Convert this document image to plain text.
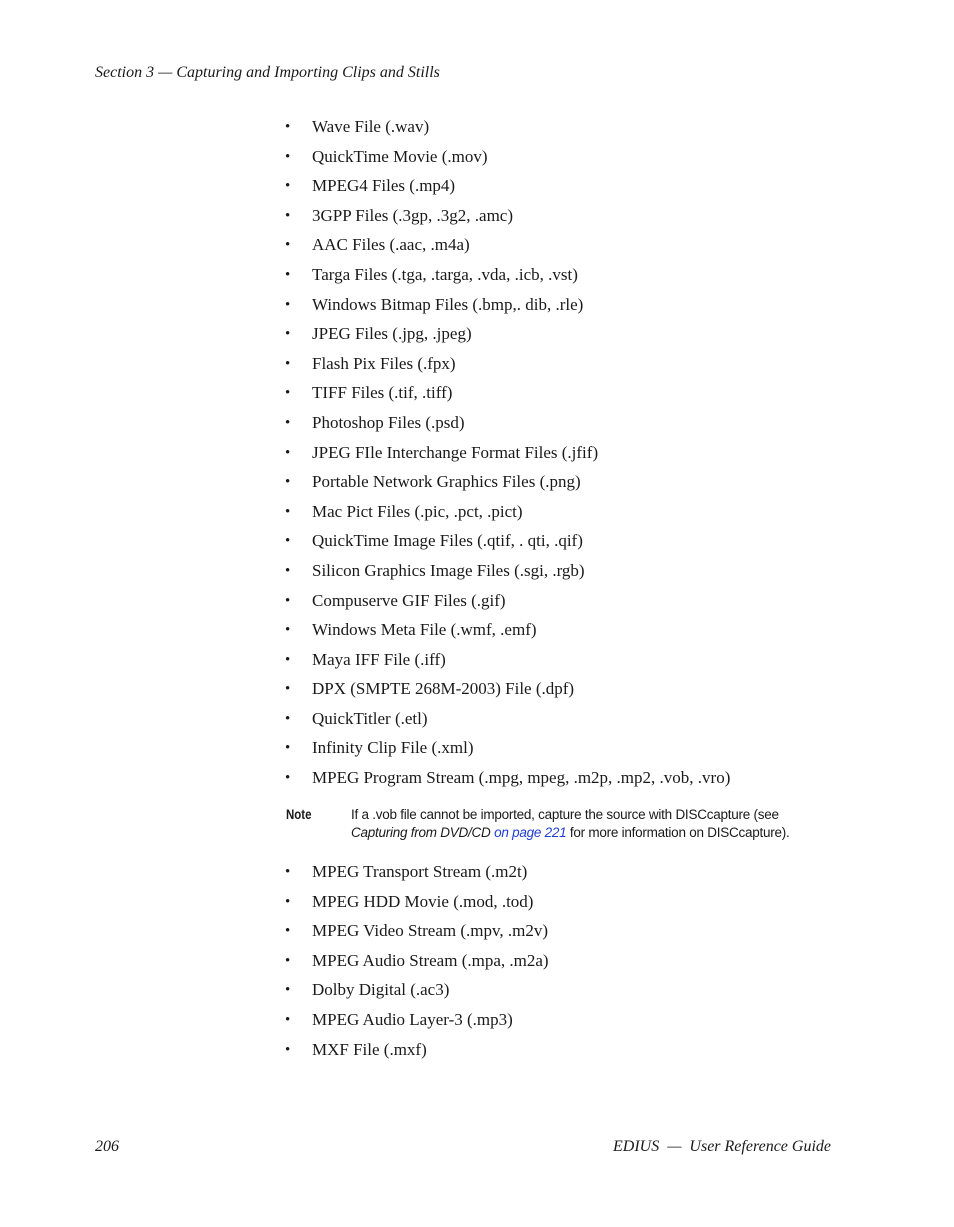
Section 3 — Capturing and Importing Clips and Stills
•	Wave File (.wav)
•	QuickTime Movie (.mov)
•	MPEG4 Files (.mp4)
•	3GPP Files (.3gp, .3g2, .amc)
•	AAC Files (.aac, .m4a)
•	Targa Files (.tga, .targa, .vda, .icb, .vst)
•	Windows Bitmap Files (.bmp,. dib, .rle)
•	JPEG Files (.jpg, .jpeg)
•	Flash Pix Files (.fpx)
•	TIFF Files (.tif, .tiff)
•	Photoshop Files (.psd)
•	JPEG FIle Interchange Format Files (.jfif)
•	Portable Network Graphics Files (.png)
•	Mac Pict Files (.pic, .pct, .pict)
•	QuickTime Image Files (.qtif, . qti, .qif)
•	Silicon Graphics Image Files (.sgi, .rgb)
•	Compuserve GIF Files (.gif)
•	Windows Meta File (.wmf, .emf)
•	Maya IFF File (.iff)
•	DPX (SMPTE 268M-2003) File (.dpf)
•	QuickTitler (.etl)
•	Infinity Clip File (.xml)
•	MPEG Program Stream (.mpg, mpeg, .m2p, .mp2, .vob, .vro)
Note	If a .vob file cannot be imported, capture the source with DISCcapture (see
Capturing from DVD/CD on page 221 for more information on DISCcapture).
•	MPEG Transport Stream (.m2t)
•	MPEG HDD Movie (.mod, .tod)
•	MPEG Video Stream (.mpv, .m2v)
•	MPEG Audio Stream (.mpa, .m2a)
•	Dolby Digital (.ac3)
•	MPEG Audio Layer-3 (.mp3)
•	MXF File (.mxf)
206	EDIUS  —  User Reference Guide
